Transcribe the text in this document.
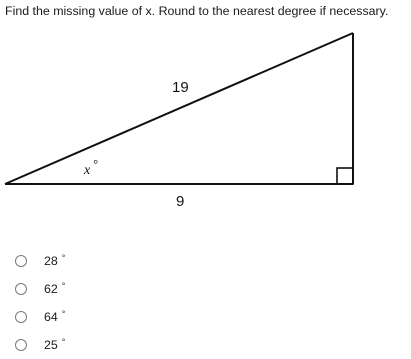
Find the missing value of x. Round to the nearest degree if necessary.
19
9
x °
28 °
62 °
64 °
25 °
